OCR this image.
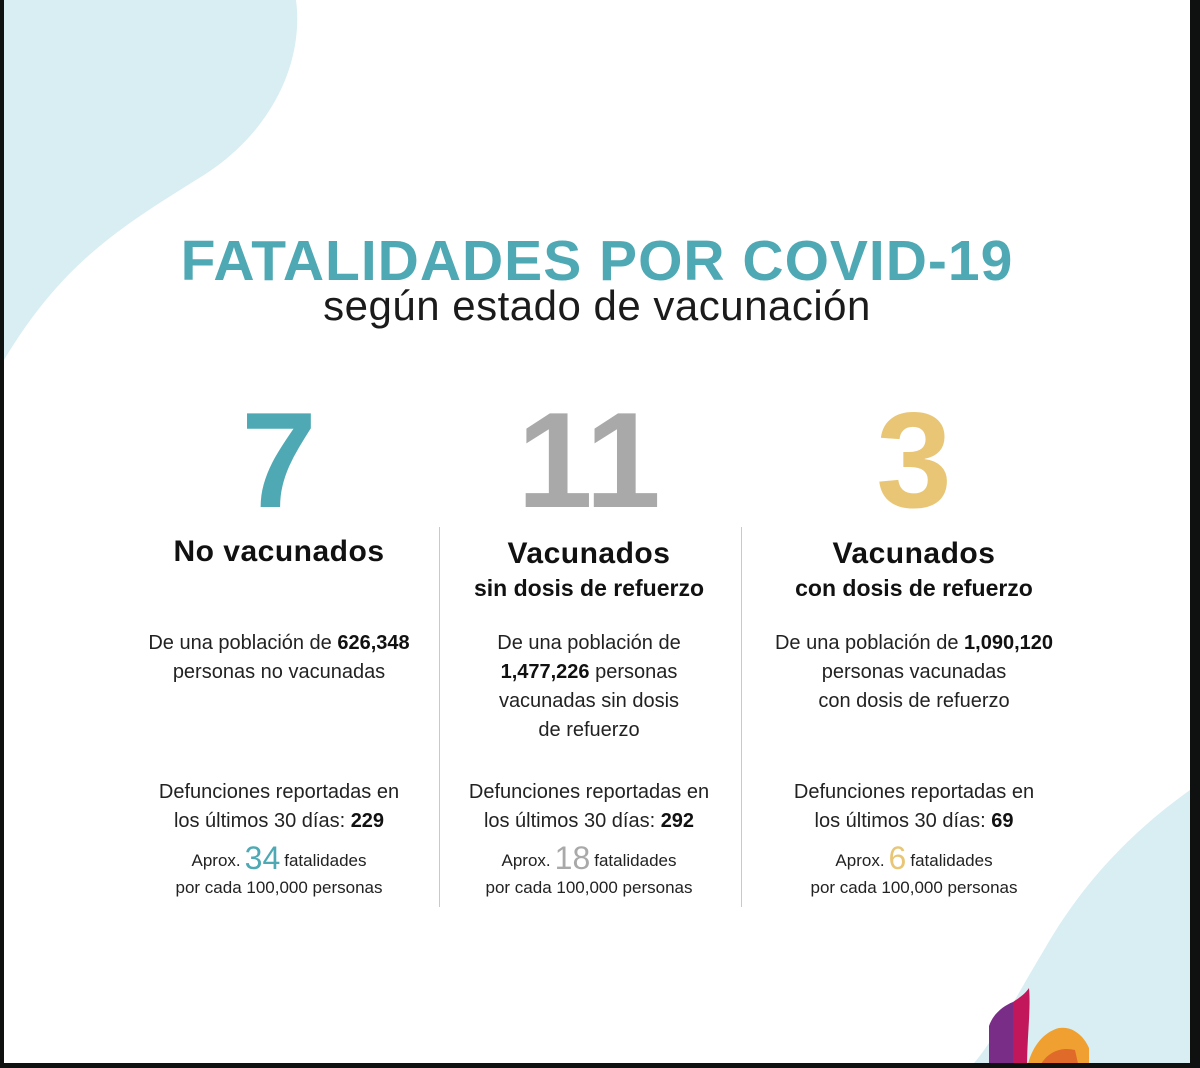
FATALIDADES POR COVID-19
según estado de vacunación
7
No vacunados
De una población de 626,348
personas no vacunadas
Defunciones reportadas en
los últimos 30 días: 229
Aprox. 34 fatalidades
por cada 100,000 personas
11
Vacunados
sin dosis de refuerzo
De una población de
1,477,226 personas
vacunadas sin dosis
de refuerzo
Defunciones reportadas en
los últimos 30 días: 292
Aprox. 18 fatalidades
por cada 100,000 personas
3
Vacunados
con dosis de refuerzo
De una población de 1,090,120
personas vacunadas
con dosis de refuerzo
Defunciones reportadas en
los últimos 30 días: 69
Aprox. 6 fatalidades
por cada 100,000 personas
